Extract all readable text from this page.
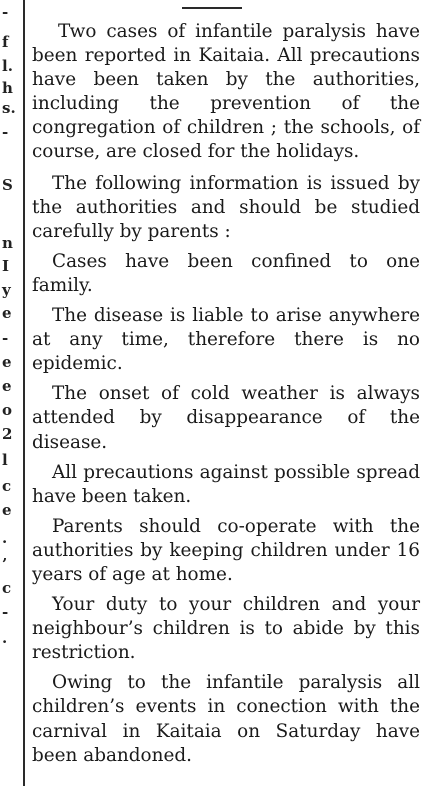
-
f
l.
h
s.
-
S
n
I
y
e
-
e
e
o
2
l
c
e
.
’
c
-
.

Two cases of infantile paralysis have been reported in Kaitaia. All precautions have been taken by the authorities, including the prevention of the congregation of children ; the schools, of course, are closed for the holidays.

The following information is issued by the authorities and should be studied carefully by parents :

Cases have been confined to one family.

The disease is liable to arise anywhere at any time, therefore there is no epidemic.

The onset of cold weather is always attended by disappearance of the disease.

All precautions against possible spread have been taken.

Parents should co-operate with the authorities by keeping children under 16 years of age at home.

Your duty to your children and your neighbour’s children is to abide by this restriction.

Owing to the infantile paralysis all children’s events in conection with the carnival in Kaitaia on Saturday have been abandoned.
